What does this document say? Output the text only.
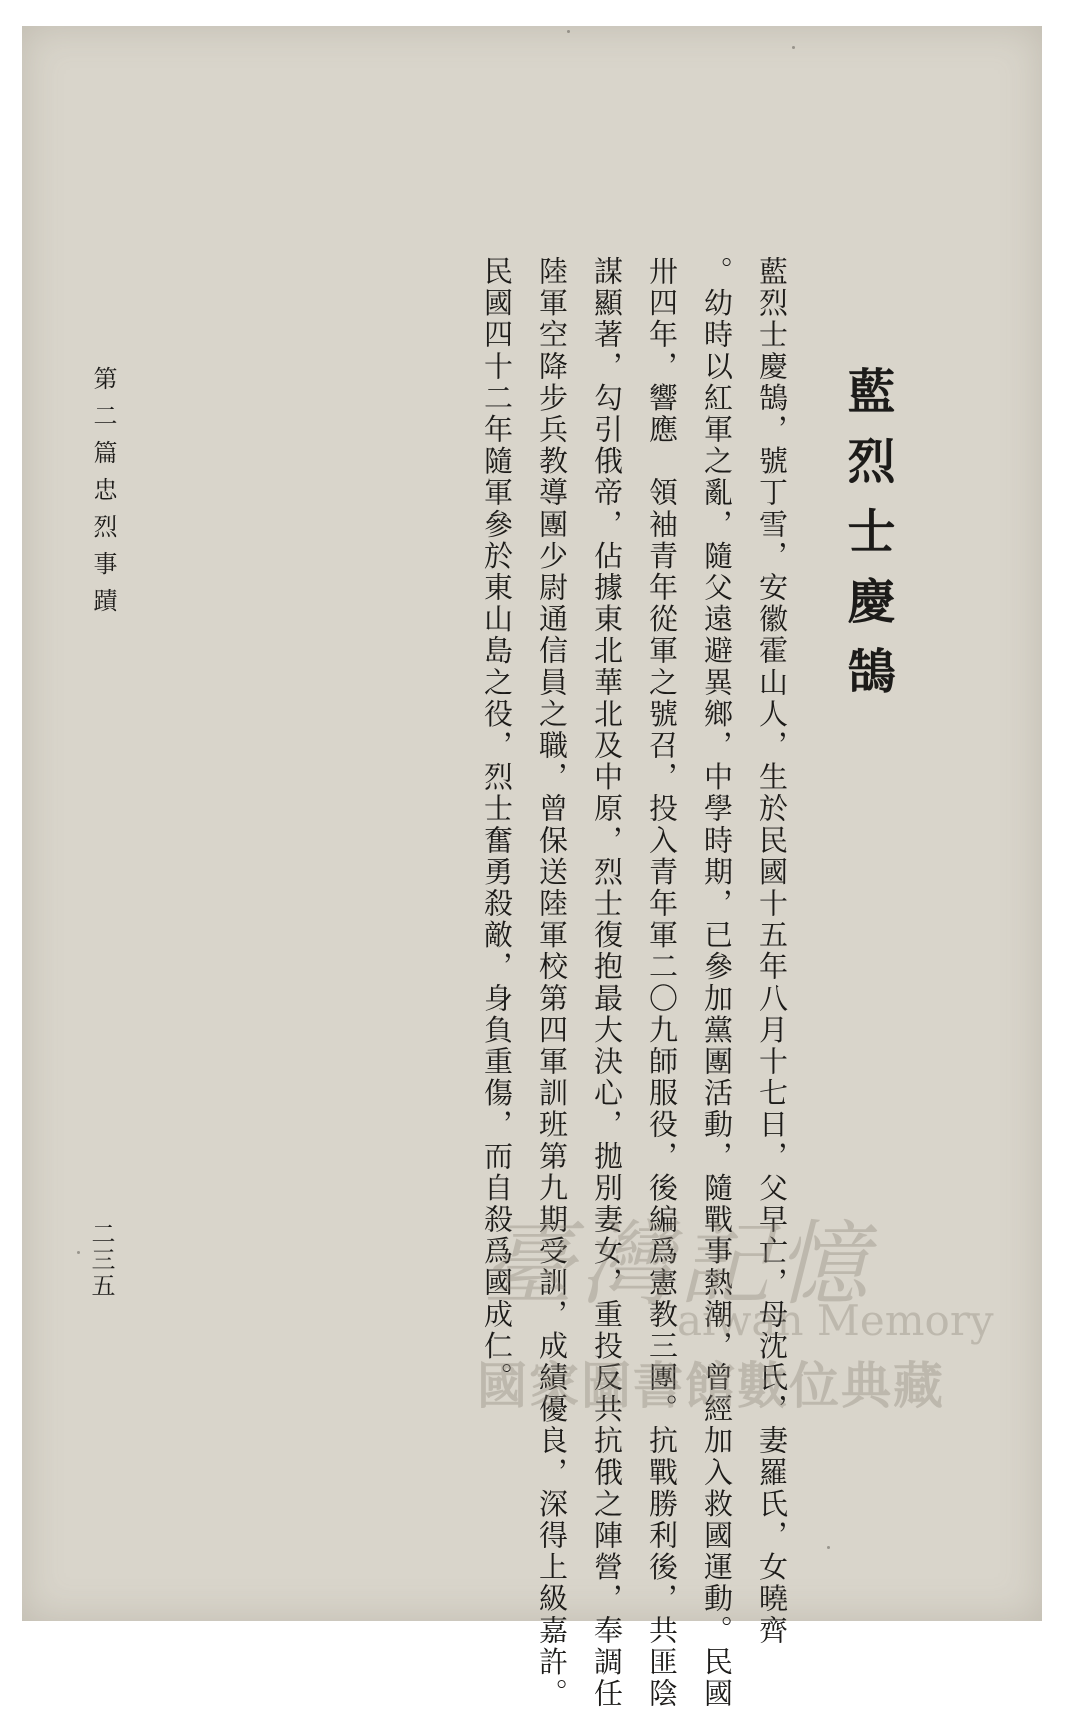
藍烈士慶鵠
藍烈士慶鵠，號丁雪，安徽霍山人，生於民國十五年八月十七日，父早亡，母沈氏，妻羅氏，女曉齊
。幼時以紅軍之亂，隨父遠避異鄉，中學時期，已參加黨團活動，隨戰事熱潮，曾經加入救國運動。民國
卅四年，響應　領袖青年從軍之號召，投入青年軍二〇九師服役，後編爲憲教三團。抗戰勝利後，共匪陰
謀顯著，勾引俄帝，佔據東北華北及中原，烈士復抱最大決心，拋別妻女，重投反共抗俄之陣營，奉調任
陸軍空降步兵教導團少尉通信員之職，曾保送陸軍校第四軍訓班第九期受訓，成績優良，深得上級嘉許。
民國四十二年隨軍參於東山島之役，烈士奮勇殺敵，身負重傷，而自殺爲國成仁。
第二篇忠烈事蹟
二三五	臺灣記憶
aiwan Memory
國家圖書館數位典藏
